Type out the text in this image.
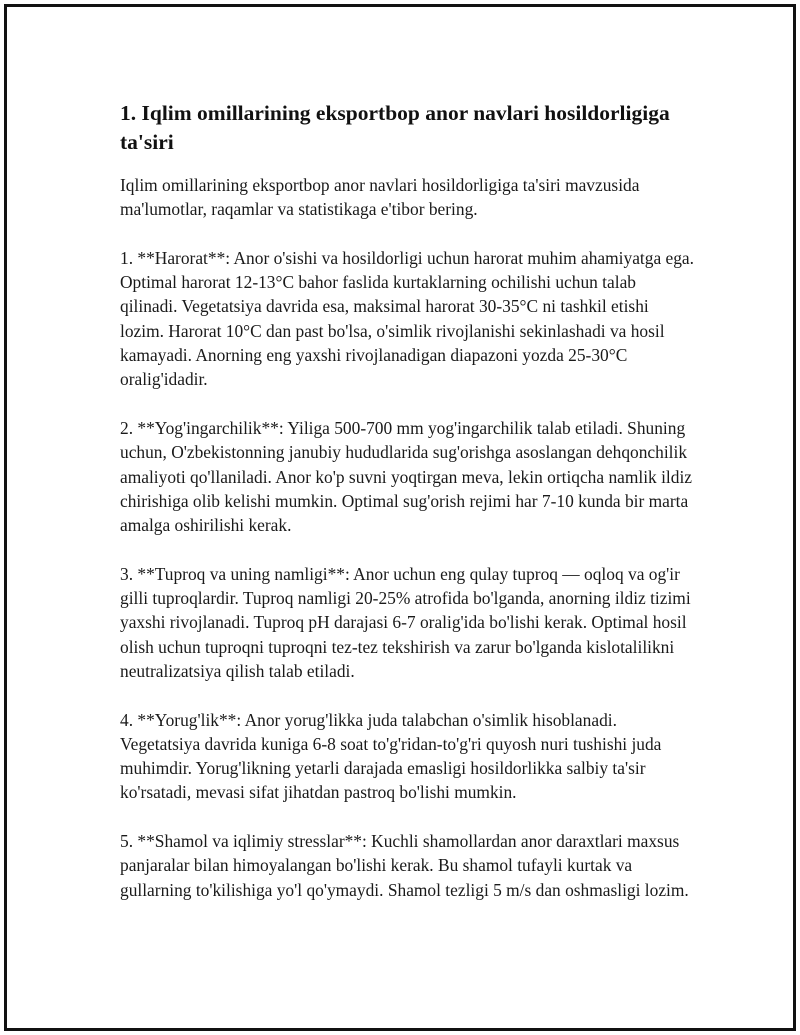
1. Iqlim omillarining eksportbop anor navlari hosildorligiga ta'siri

Iqlim omillarining eksportbop anor navlari hosildorligiga ta'siri mavzusida ma'lumotlar, raqamlar va statistikaga e'tibor bering.

1. **Harorat**: Anor o'sishi va hosildorligi uchun harorat muhim ahamiyatga ega. Optimal harorat 12-13°C bahor faslida kurtaklarning ochilishi uchun talab qilinadi. Vegetatsiya davrida esa, maksimal harorat 30-35°C ni tashkil etishi lozim. Harorat 10°C dan past bo'lsa, o'simlik rivojlanishi sekinlashadi va hosil kamayadi. Anorning eng yaxshi rivojlanadigan diapazoni yozda 25-30°C oralig'idadir.

2. **Yog'ingarchilik**: Yiliga 500-700 mm yog'ingarchilik talab etiladi. Shuning uchun, O'zbekistonning janubiy hududlarida sug'orishga asoslangan dehqonchilik amaliyoti qo'llaniladi. Anor ko'p suvni yoqtirgan meva, lekin ortiqcha namlik ildiz chirishiga olib kelishi mumkin. Optimal sug'orish rejimi har 7-10 kunda bir marta amalga oshirilishi kerak.

3. **Tuproq va uning namligi**: Anor uchun eng qulay tuproq — oqloq va og'ir gilli tuproqlardir. Tuproq namligi 20-25% atrofida bo'lganda, anorning ildiz tizimi yaxshi rivojlanadi. Tuproq pH darajasi 6-7 oralig'ida bo'lishi kerak. Optimal hosil olish uchun tuproqni tuproqni tez-tez tekshirish va zarur bo'lganda kislotalilikni neutralizatsiya qilish talab etiladi.

4. **Yorug'lik**: Anor yorug'likka juda talabchan o'simlik hisoblanadi. Vegetatsiya davrida kuniga 6-8 soat to'g'ridan-to'g'ri quyosh nuri tushishi juda muhimdir. Yorug'likning yetarli darajada emasligi hosildorlikka salbiy ta'sir ko'rsatadi, mevasi sifat jihatdan pastroq bo'lishi mumkin.

5. **Shamol va iqlimiy stresslar**: Kuchli shamollardan anor daraxtlari maxsus panjaralar bilan himoyalangan bo'lishi kerak. Bu shamol tufayli kurtak va gullarning to'kilishiga yo'l qo'ymaydi. Shamol tezligi 5 m/s dan oshmasligi lozim.
